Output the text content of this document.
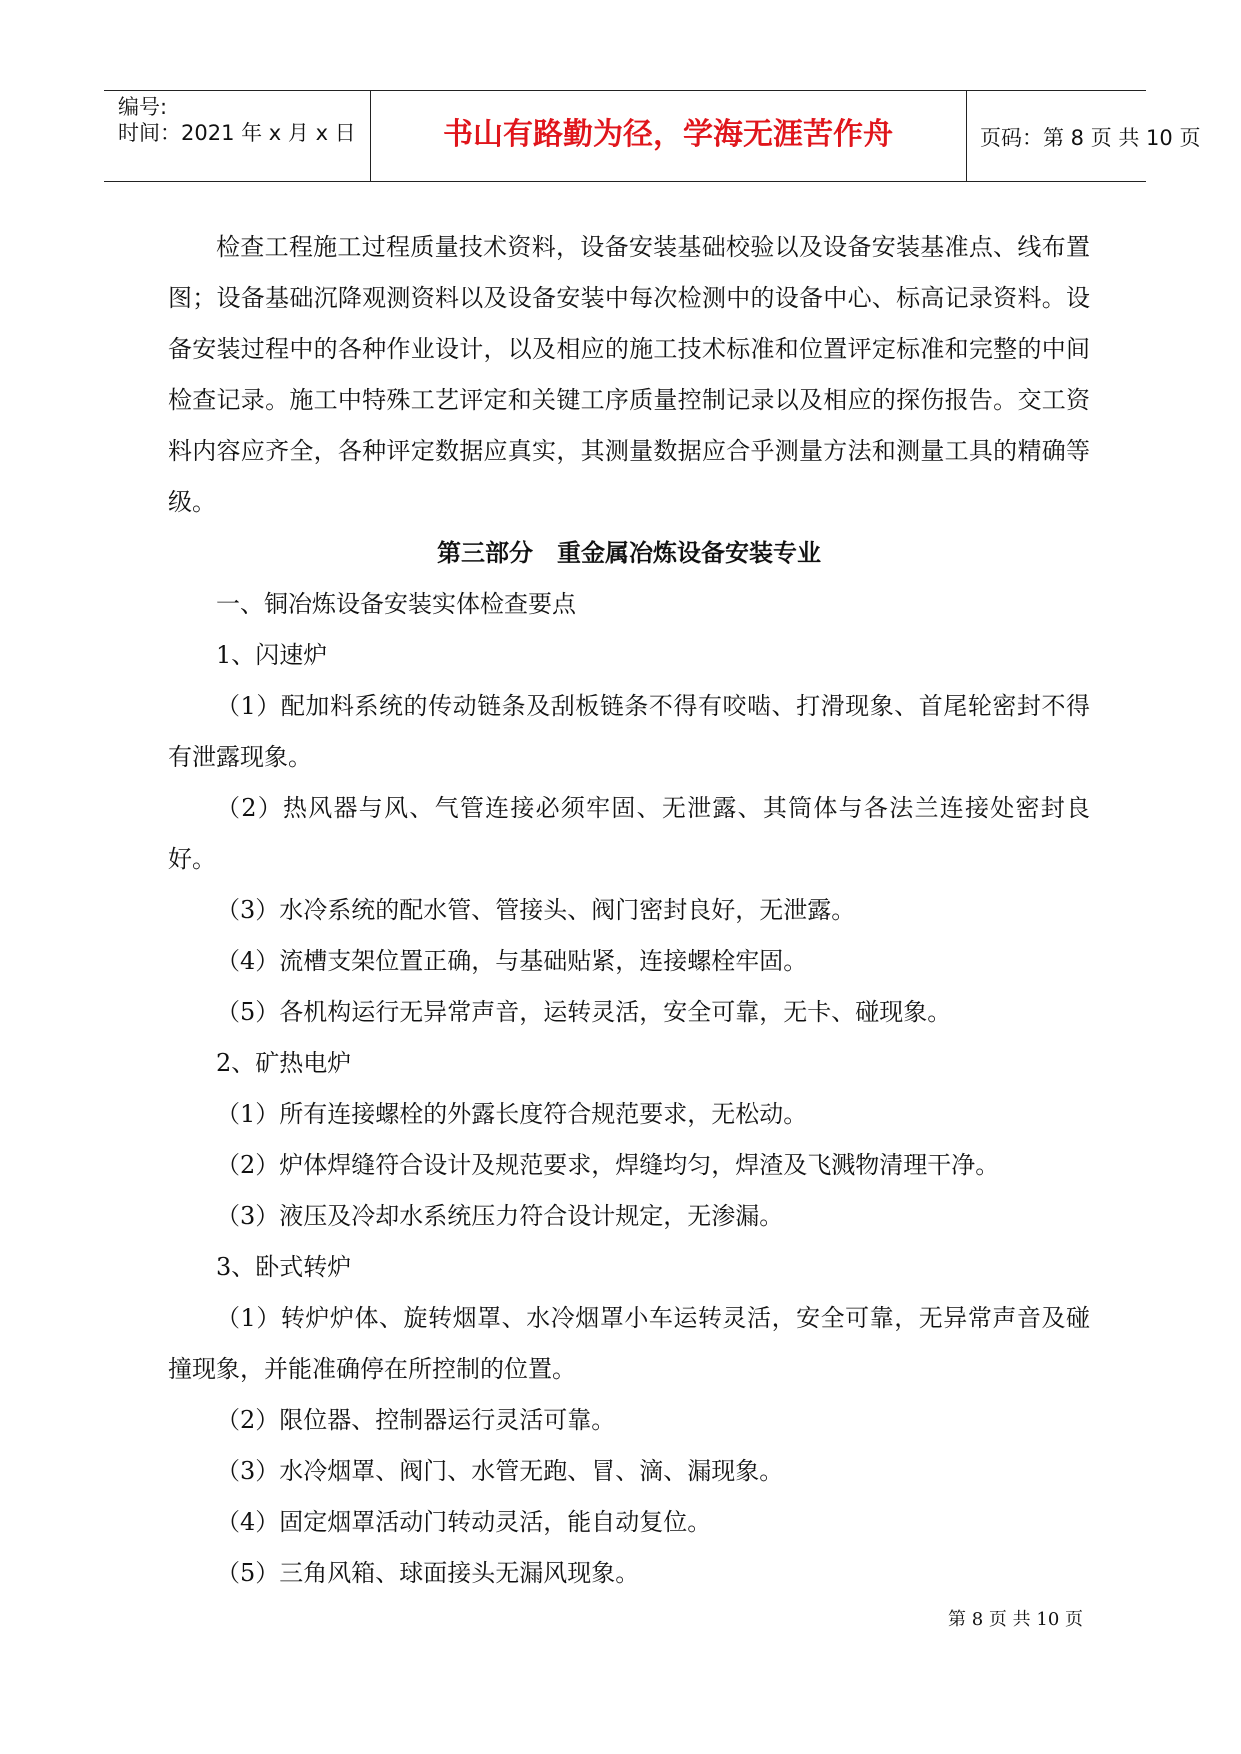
编号:
时间：2021 年 x 月 x 日	书山有路勤为径，学海无涯苦作舟	页码：第 8 页 共 10 页

检查工程施工过程质量技术资料，设备安装基础校验以及设备安装基准点、线布置图；设备基础沉降观测资料以及设备安装中每次检测中的设备中心、标高记录资料。设备安装过程中的各种作业设计，以及相应的施工技术标准和位置评定标准和完整的中间检查记录。施工中特殊工艺评定和关键工序质量控制记录以及相应的探伤报告。交工资料内容应齐全，各种评定数据应真实，其测量数据应合乎测量方法和测量工具的精确等级。

第三部分　重金属冶炼设备安装专业

一、铜冶炼设备安装实体检查要点

1、闪速炉

（1）配加料系统的传动链条及刮板链条不得有咬啮、打滑现象、首尾轮密封不得有泄露现象。

（2）热风器与风、气管连接必须牢固、无泄露、其筒体与各法兰连接处密封良好。

（3）水冷系统的配水管、管接头、阀门密封良好，无泄露。

（4）流槽支架位置正确，与基础贴紧，连接螺栓牢固。

（5）各机构运行无异常声音，运转灵活，安全可靠，无卡、碰现象。

2、矿热电炉

（1）所有连接螺栓的外露长度符合规范要求，无松动。

（2）炉体焊缝符合设计及规范要求，焊缝均匀，焊渣及飞溅物清理干净。

（3）液压及冷却水系统压力符合设计规定，无渗漏。

3、卧式转炉

（1）转炉炉体、旋转烟罩、水冷烟罩小车运转灵活，安全可靠，无异常声音及碰撞现象，并能准确停在所控制的位置。

（2）限位器、控制器运行灵活可靠。

（3）水冷烟罩、阀门、水管无跑、冒、滴、漏现象。

（4）固定烟罩活动门转动灵活，能自动复位。

（5）三角风箱、球面接头无漏风现象。

第 8 页 共 10 页
